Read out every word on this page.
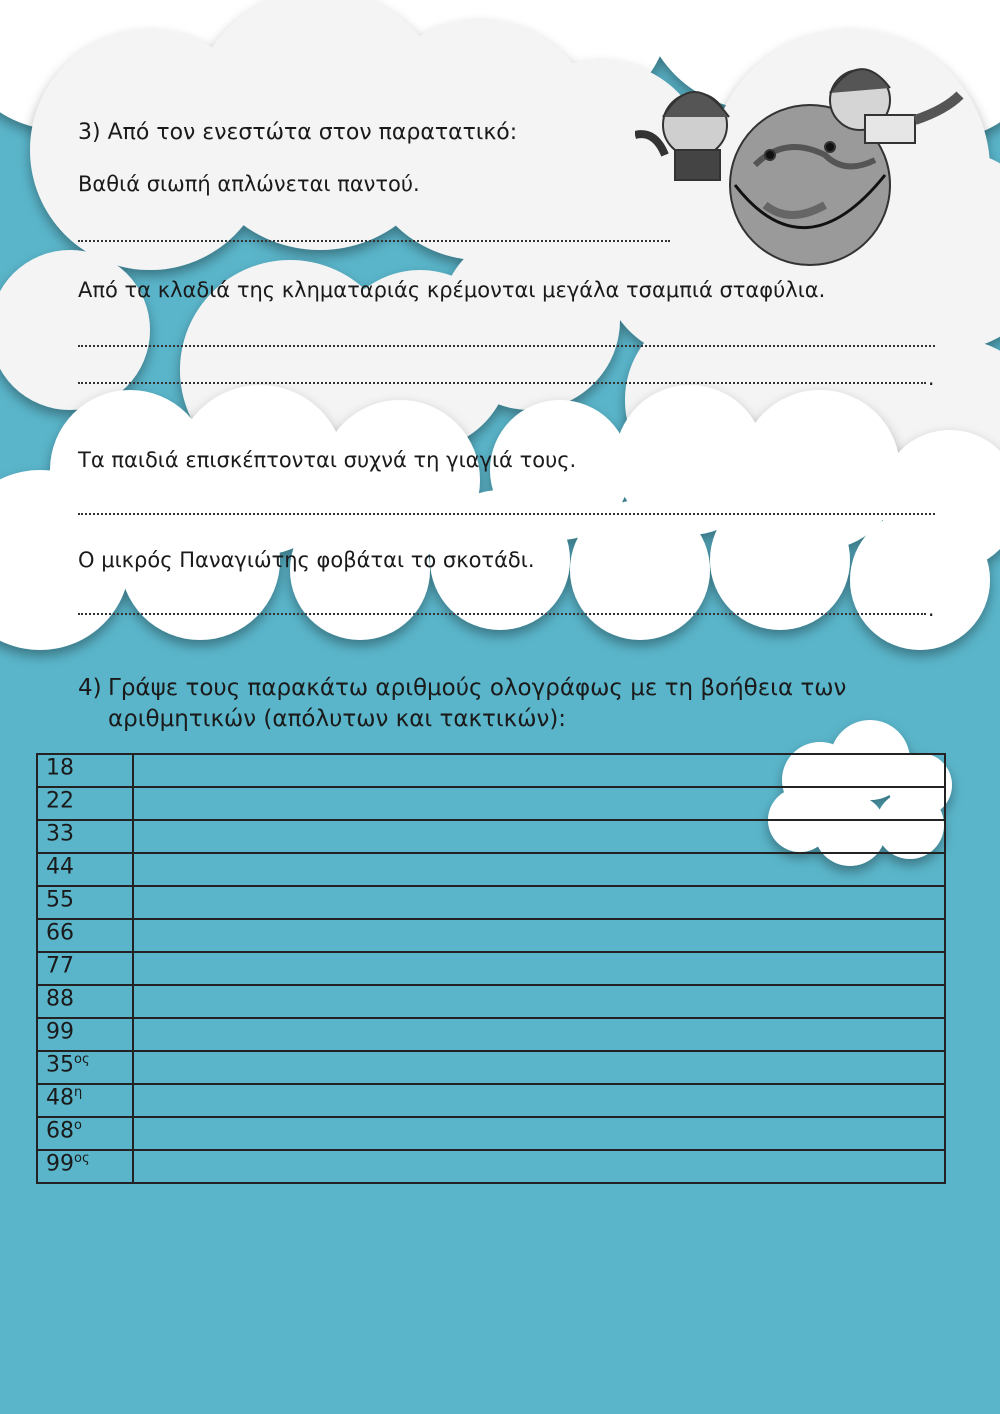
3) Από τον ενεστώτα στον παρατατικό:
Βαθιά σιωπή απλώνεται παντού.
Από τα κλαδιά της κληματαριάς κρέμονται μεγάλα τσαμπιά σταφύλια.
.
Τα παιδιά επισκέπτονται συχνά τη γιαγιά τους.
Ο μικρός Παναγιώτης φοβάται το σκοτάδι.
.
4) Γράψε τους παρακάτω αριθμούς ολογράφως με τη βοήθεια των
αριθμητικών (απόλυτων και τακτικών):
18	
22	
33	
44	
55	
66	
77	
88	
99	
$35^{o\varsigma}$	
$48^\eta$	
$68^o$	
$99^{o\varsigma}$	
